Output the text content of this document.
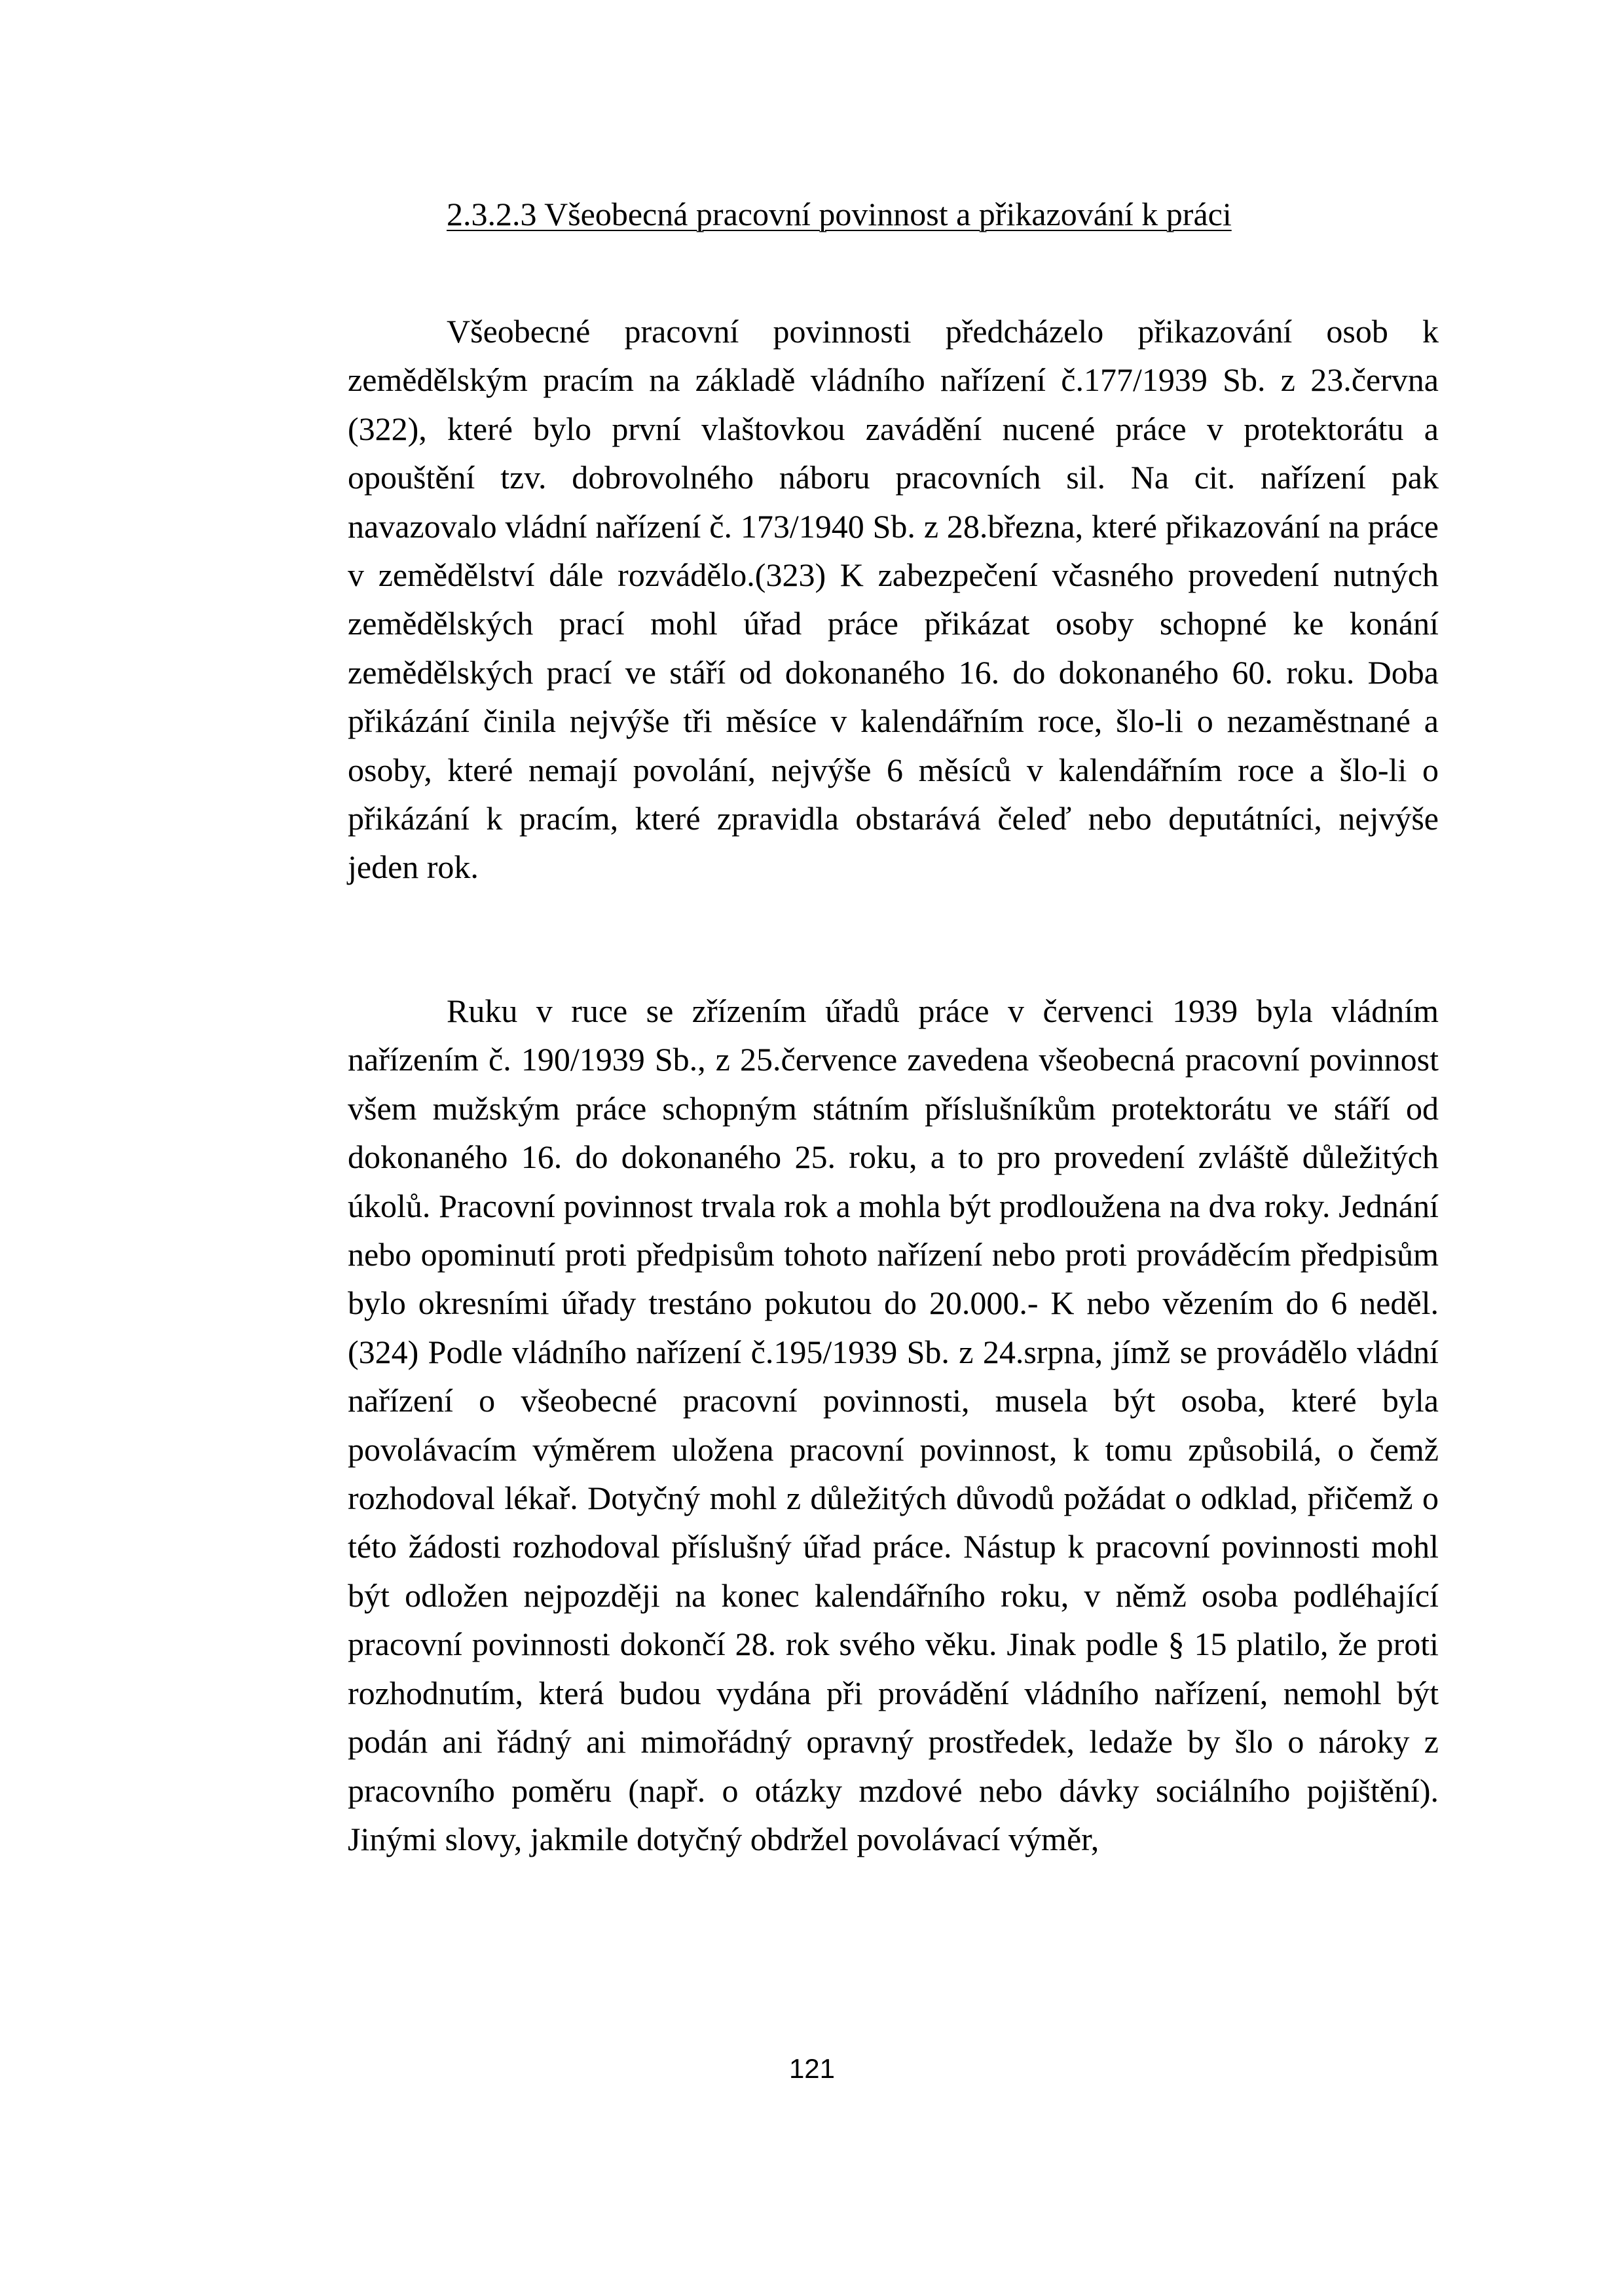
2.3.2.3 Všeobecná pracovní povinnost a přikazování k práci

Všeobecné pracovní povinnosti předcházelo přikazování osob k zemědělským pracím na základě vládního nařízení č.177/1939 Sb. z 23.června (322), které bylo první vlaštovkou zavádění nucené práce v protektorátu a opouštění tzv. dobrovolného náboru pracovních sil. Na cit. nařízení pak navazovalo vládní nařízení č. 173/1940 Sb. z 28.března, které přikazování na práce v zemědělství dále rozvádělo.(323) K zabezpečení včasného provedení nutných zemědělských prací mohl úřad práce přikázat osoby schopné ke konání zemědělských prací ve stáří od dokonaného 16. do dokonaného 60. roku. Doba přikázání činila nejvýše tři měsíce v kalendářním roce, šlo-li o nezaměstnané a osoby, které nemají povolání, nejvýše 6 měsíců v kalendářním roce a šlo-li o přikázání k pracím, které zpravidla obstarává čeleď nebo deputátníci, nejvýše jeden rok.

Ruku v ruce se zřízením úřadů práce v červenci 1939 byla vládním nařízením č. 190/1939 Sb., z 25.července zavedena všeobecná pracovní povinnost všem mužským práce schopným státním příslušníkům protektorátu ve stáří od dokonaného 16. do dokonaného 25. roku, a to pro provedení zvláště důležitých úkolů. Pracovní povinnost trvala rok a mohla být prodloužena na dva roky. Jednání nebo opominutí proti předpisům tohoto nařízení nebo proti prováděcím předpisům bylo okresními úřady trestáno pokutou do 20.000.- K nebo vězením do 6 neděl.(324) Podle vládního nařízení č.195/1939 Sb. z 24.srpna, jímž se provádělo vládní nařízení o všeobecné pracovní povinnosti, musela být osoba, které byla povolávacím výměrem uložena pracovní povinnost, k tomu způsobilá, o čemž rozhodoval lékař. Dotyčný mohl z důležitých důvodů požádat o odklad, přičemž o této žádosti rozhodoval příslušný úřad práce. Nástup k pracovní povinnosti mohl být odložen nejpozději na konec kalendářního roku, v němž osoba podléhající pracovní povinnosti dokončí 28. rok svého věku. Jinak podle § 15 platilo, že proti rozhodnutím, která budou vydána při provádění vládního nařízení, nemohl být podán ani řádný ani mimořádný opravný prostředek, ledaže by šlo o nároky z pracovního poměru (např. o otázky mzdové nebo dávky sociálního pojištění). Jinými slovy, jakmile dotyčný obdržel povolávací výměr,

121
